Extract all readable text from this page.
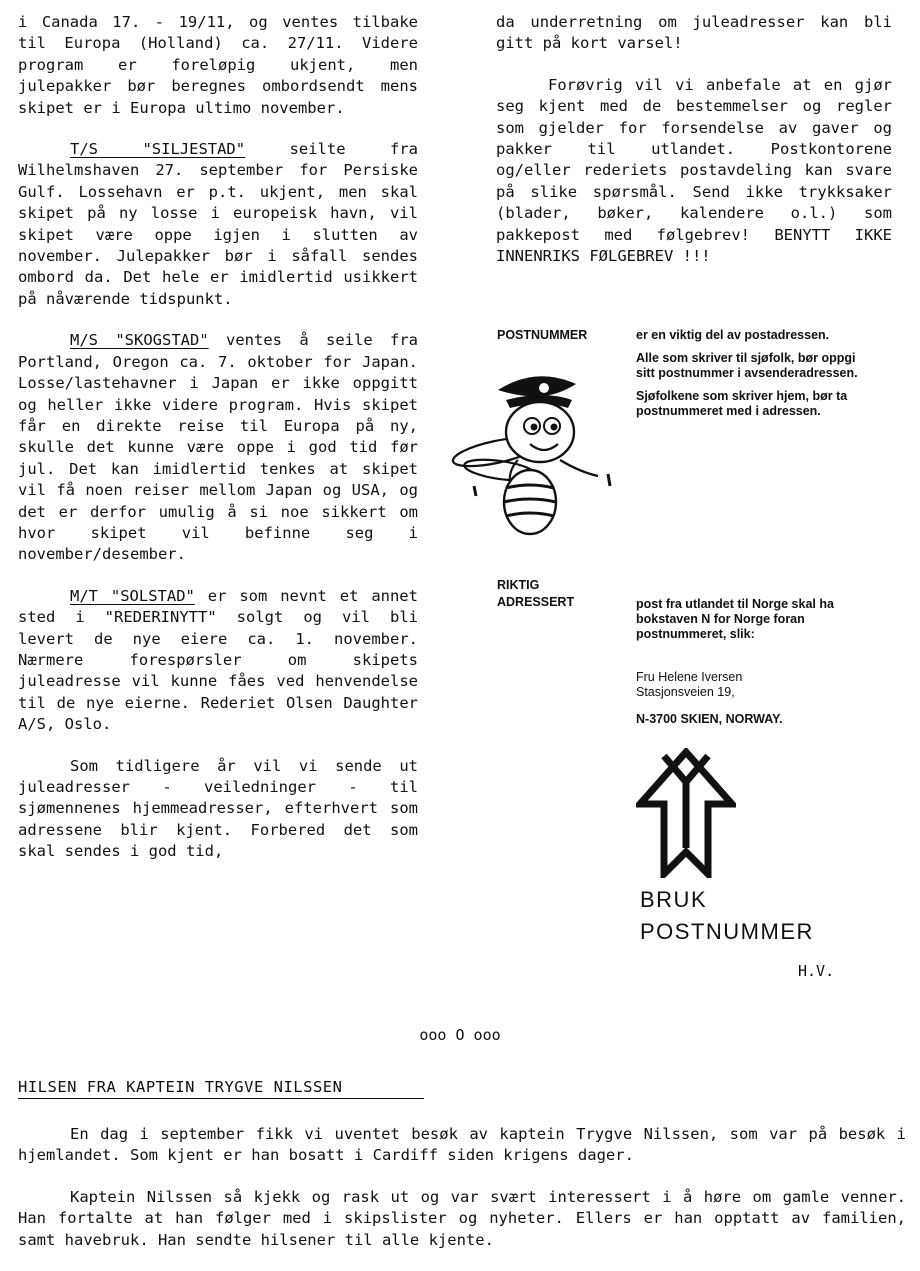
i Canada 17. - 19/11, og ventes tilbake til Europa (Holland) ca. 27/11. Videre program er foreløpig ukjent, men julepakker bør beregnes ombordsendt mens skipet er i Europa ultimo november.

T/S "SILJESTAD" seilte fra Wilhelmshaven 27. september for Persiske Gulf. Lossehavn er p.t. ukjent, men skal skipet på ny losse i europeisk havn, vil skipet være oppe igjen i slutten av november. Julepakker bør i såfall sendes ombord da. Det hele er imidlertid usikkert på nåværende tidspunkt.

M/S "SKOGSTAD" ventes å seile fra Portland, Oregon ca. 7. oktober for Japan. Losse/lastehavner i Japan er ikke oppgitt og heller ikke videre program. Hvis skipet får en direkte reise til Europa på ny, skulle det kunne være oppe i god tid før jul. Det kan imidlertid tenkes at skipet vil få noen reiser mellom Japan og USA, og det er derfor umulig å si noe sikkert om hvor skipet vil befinne seg i november/desember.

M/T "SOLSTAD" er som nevnt et annet sted i "REDERINYTT" solgt og vil bli levert de nye eiere ca. 1. november. Nærmere forespørsler om skipets juleadresse vil kunne fåes ved henvendelse til de nye eierne. Rederiet Olsen Daughter A/S, Oslo.

Som tidligere år vil vi sende ut juleadresser - veiledninger - til sjømennenes hjemmeadresser, efterhvert som adressene blir kjent. Forbered det som skal sendes i god tid,

da underretning om juleadresser kan bli gitt på kort varsel!

Forøvrig vil vi anbefale at en gjør seg kjent med de bestemmelser og regler som gjelder for forsendelse av gaver og pakker til utlandet. Postkontorene og/eller rederiets postavdeling kan svare på slike spørsmål. Send ikke trykksaker (blader, bøker, kalendere o.l.) som pakkepost med følgebrev! BENYTT IKKE INNENRIKS FØLGEBREV !!!

POSTNUMMER	er en viktig del av postadressen.

Alle som skriver til sjøfolk, bør oppgi sitt postnummer i avsenderadressen.

Sjøfolkene som skriver hjem, bør ta postnummeret med i adressen.

RIKTIG
ADRESSERT	post fra utlandet til Norge skal ha bokstaven N for Norge foran postnummeret, slik:

Fru Helene Iversen
Stasjonsveien 19,
N-3700 SKIEN, NORWAY.
BRUK
POSTNUMMER
H.V.
ooo O ooo
HILSEN FRA KAPTEIN TRYGVE NILSSEN

En dag i september fikk vi uventet besøk av kaptein Trygve Nilssen, som var på besøk i hjemlandet. Som kjent er han bosatt i Cardiff siden krigens dager.

Kaptein Nilssen så kjekk og rask ut og var svært interessert i å høre om gamle venner. Han fortalte at han følger med i skipslister og nyheter. Ellers er han opptatt av familien, samt havebruk. Han sendte hilsener til alle kjente.
